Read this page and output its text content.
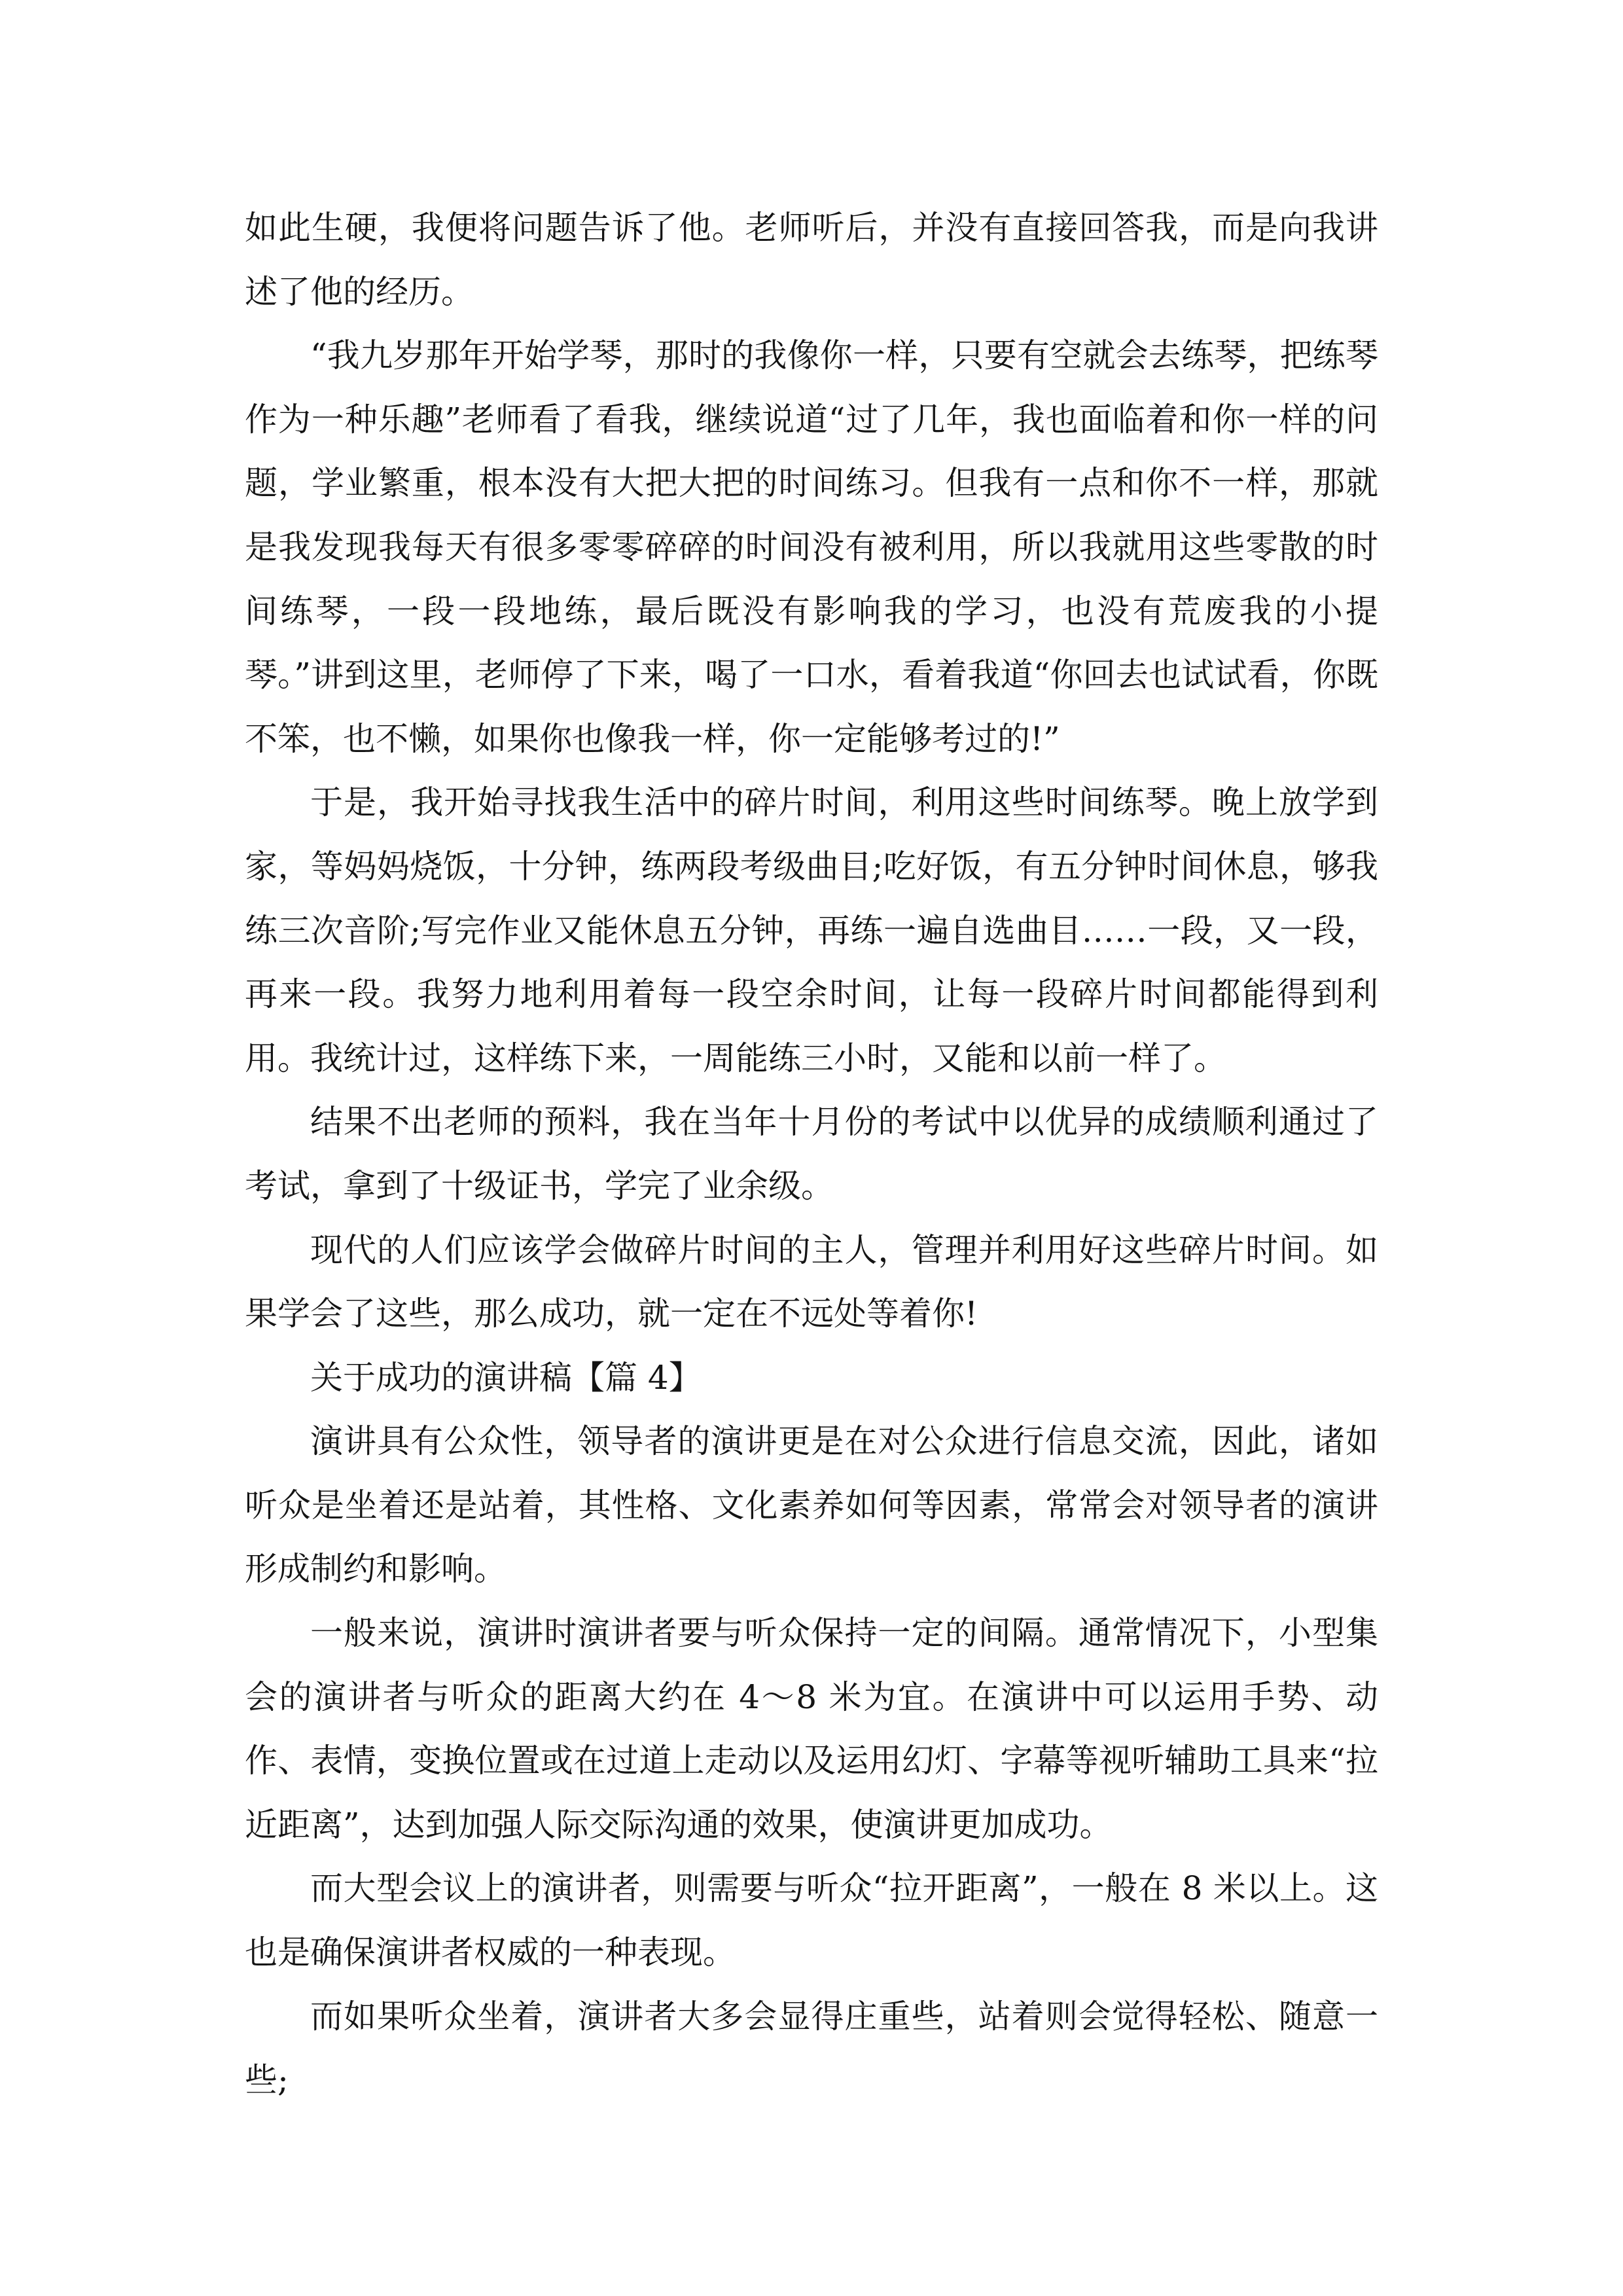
如此生硬，我便将问题告诉了他。老师听后，并没有直接回答我，而是向我讲述了他的经历。

“我九岁那年开始学琴，那时的我像你一样，只要有空就会去练琴，把练琴作为一种乐趣”老师看了看我，继续说道“过了几年，我也面临着和你一样的问题，学业繁重，根本没有大把大把的时间练习。但我有一点和你不一样，那就是我发现我每天有很多零零碎碎的时间没有被利用，所以我就用这些零散的时间练琴，一段一段地练，最后既没有影响我的学习，也没有荒废我的小提琴。”讲到这里，老师停了下来，喝了一口水，看着我道“你回去也试试看，你既不笨，也不懒，如果你也像我一样，你一定能够考过的!”

于是，我开始寻找我生活中的碎片时间，利用这些时间练琴。晚上放学到家，等妈妈烧饭，十分钟，练两段考级曲目;吃好饭，有五分钟时间休息，够我练三次音阶;写完作业又能休息五分钟，再练一遍自选曲目……一段，又一段，再来一段。我努力地利用着每一段空余时间，让每一段碎片时间都能得到利用。我统计过，这样练下来，一周能练三小时，又能和以前一样了。

结果不出老师的预料，我在当年十月份的考试中以优异的成绩顺利通过了考试，拿到了十级证书，学完了业余级。

现代的人们应该学会做碎片时间的主人，管理并利用好这些碎片时间。如果学会了这些，那么成功，就一定在不远处等着你!

关于成功的演讲稿【篇 4】

演讲具有公众性，领导者的演讲更是在对公众进行信息交流，因此，诸如听众是坐着还是站着，其性格、文化素养如何等因素，常常会对领导者的演讲形成制约和影响。

一般来说，演讲时演讲者要与听众保持一定的间隔。通常情况下，小型集会的演讲者与听众的距离大约在 4～8 米为宜。在演讲中可以运用手势、动作、表情，变换位置或在过道上走动以及运用幻灯、字幕等视听辅助工具来“拉近距离”，达到加强人际交际沟通的效果，使演讲更加成功。

而大型会议上的演讲者，则需要与听众“拉开距离”，一般在 8 米以上。这也是确保演讲者权威的一种表现。

而如果听众坐着，演讲者大多会显得庄重些，站着则会觉得轻松、随意一些;
